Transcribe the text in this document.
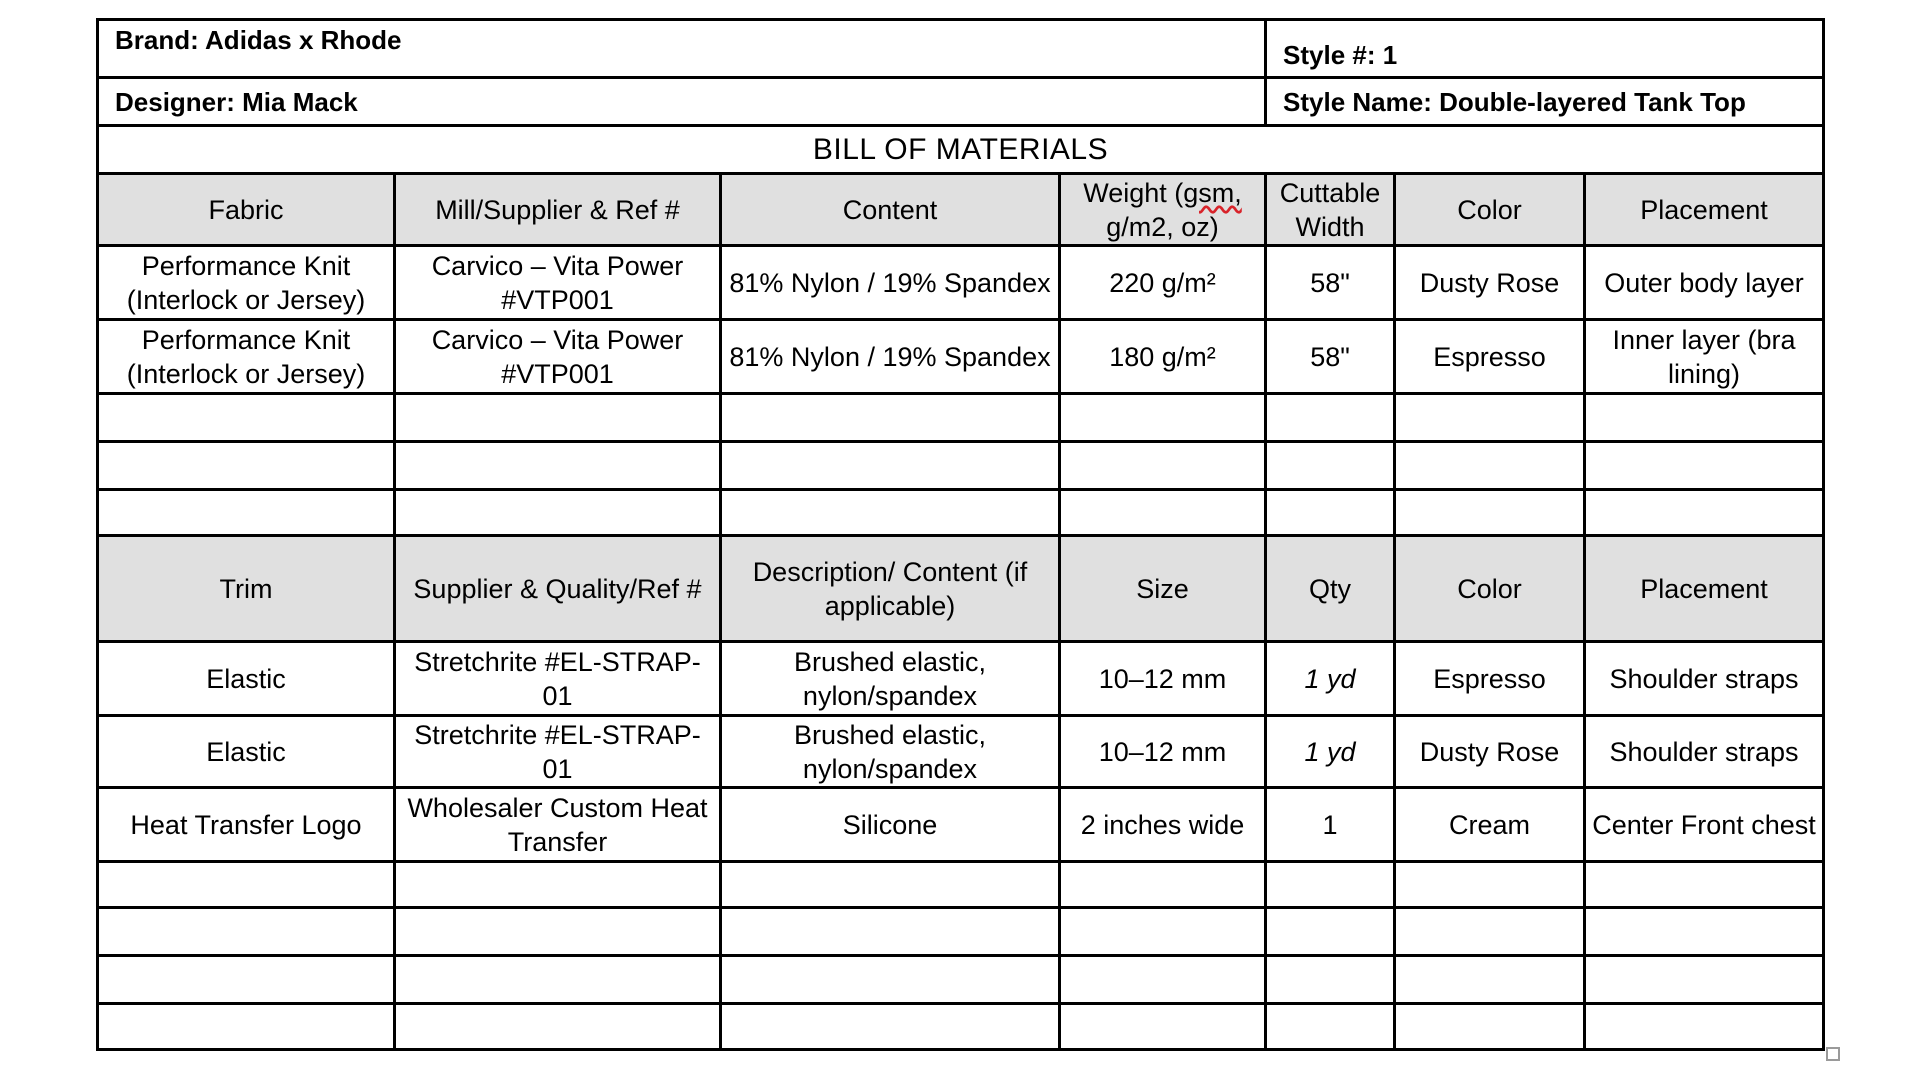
Brand: Adidas x Rhode				Style #: 1		
Designer: Mia Mack				Style Name: Double-layered Tank Top		
BILL OF MATERIALS						
Fabric	Mill/Supplier & Ref #	Content	Weight (gsm, g/m2, oz)	Cuttable Width	Color	Placement
Performance Knit (Interlock or Jersey)	Carvico – Vita Power #VTP001	81% Nylon / 19% Spandex	220 g/m²	58"	Dusty Rose	Outer body layer
Performance Knit (Interlock or Jersey)	Carvico – Vita Power #VTP001	81% Nylon / 19% Spandex	180 g/m²	58"	Espresso	Inner layer (bra lining)

Trim	Supplier & Quality/Ref #	Description/ Content (if applicable)	Size	Qty	Color	Placement
Elastic	Stretchrite #EL-STRAP-01	Brushed elastic, nylon/spandex	10–12 mm	1 yd	Espresso	Shoulder straps
Elastic	Stretchrite #EL-STRAP-01	Brushed elastic, nylon/spandex	10–12 mm	1 yd	Dusty Rose	Shoulder straps
Heat Transfer Logo	Wholesaler Custom Heat Transfer	Silicone	2 inches wide	1	Cream	Center Front chest
